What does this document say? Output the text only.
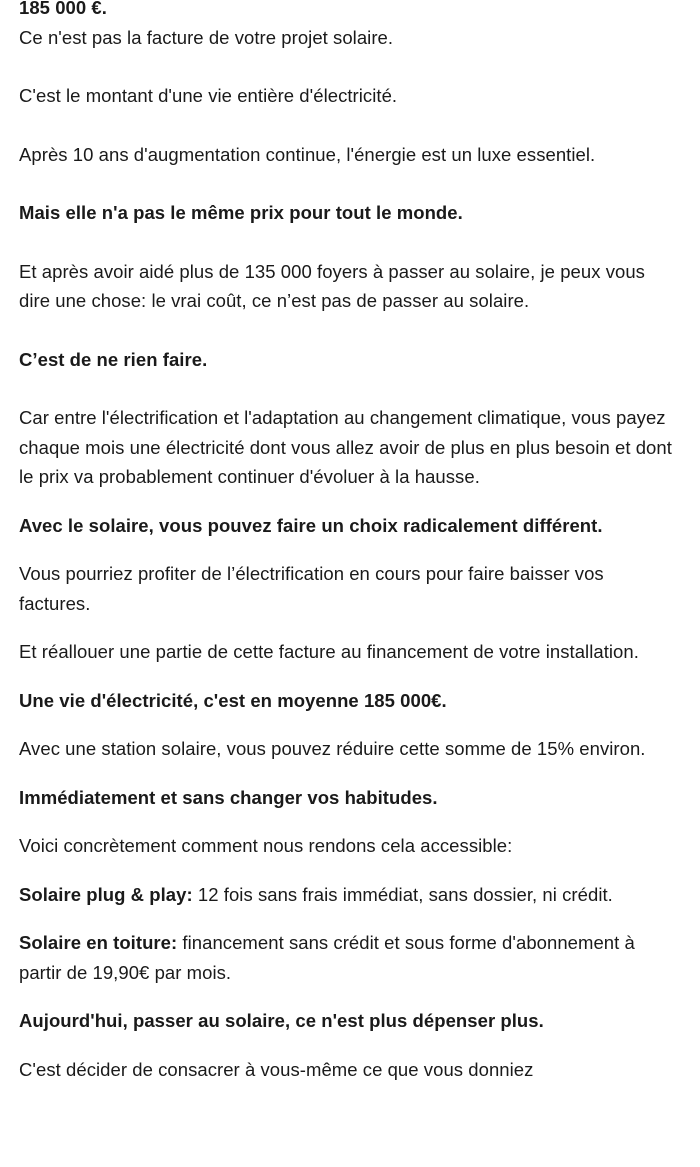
185 000 €.

Ce n'est pas la facture de votre projet solaire.

C'est le montant d'une vie entière d'électricité.

Après 10 ans d'augmentation continue, l'énergie est un luxe essentiel.

Mais elle n'a pas le même prix pour tout le monde.

Et après avoir aidé plus de 135 000 foyers à passer au solaire, je peux vous dire une chose: le vrai coût, ce n’est pas de passer au solaire.

C’est de ne rien faire.

Car entre l'électrification et l'adaptation au changement climatique, vous payez chaque mois une électricité dont vous allez avoir de plus en plus besoin et dont le prix va probablement continuer d'évoluer à la hausse.

Avec le solaire, vous pouvez faire un choix radicalement différent.

Vous pourriez profiter de l’électrification en cours pour faire baisser vos factures.

Et réallouer une partie de cette facture au financement de votre installation.

Une vie d'électricité, c'est en moyenne 185 000€.

Avec une station solaire, vous pouvez réduire cette somme de 15% environ.

Immédiatement et sans changer vos habitudes.

Voici concrètement comment nous rendons cela accessible:

Solaire plug & play: 12 fois sans frais immédiat, sans dossier, ni crédit.

Solaire en toiture: financement sans crédit et sous forme d'abonnement à partir de 19,90€ par mois.

Aujourd'hui, passer au solaire, ce n'est plus dépenser plus.

C'est décider de consacrer à vous-même ce que vous donniez
